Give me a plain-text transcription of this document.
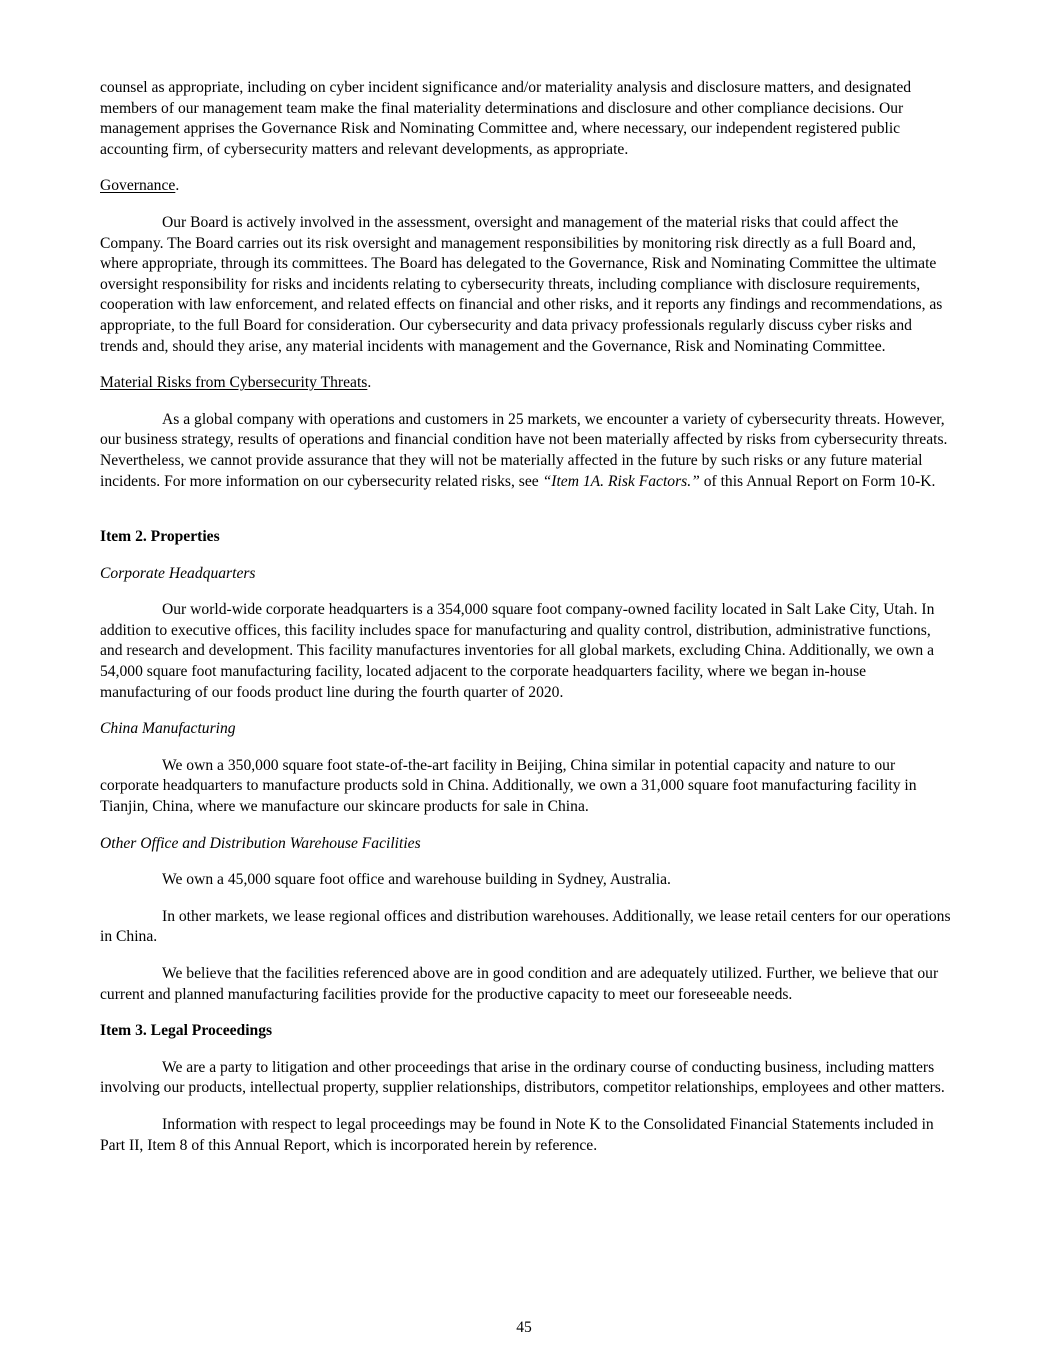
counsel as appropriate, including on cyber incident significance and/or materiality analysis and disclosure matters, and designated members of our management team make the final materiality determinations and disclosure and other compliance decisions. Our management apprises the Governance Risk and Nominating Committee and, where necessary, our independent registered public accounting firm, of cybersecurity matters and relevant developments, as appropriate.

Governance.

Our Board is actively involved in the assessment, oversight and management of the material risks that could affect the Company. The Board carries out its risk oversight and management responsibilities by monitoring risk directly as a full Board and, where appropriate, through its committees. The Board has delegated to the Governance, Risk and Nominating Committee the ultimate oversight responsibility for risks and incidents relating to cybersecurity threats, including compliance with disclosure requirements, cooperation with law enforcement, and related effects on financial and other risks, and it reports any findings and recommendations, as appropriate, to the full Board for consideration. Our cybersecurity and data privacy professionals regularly discuss cyber risks and trends and, should they arise, any material incidents with management and the Governance, Risk and Nominating Committee.

Material Risks from Cybersecurity Threats.

As a global company with operations and customers in 25 markets, we encounter a variety of cybersecurity threats. However, our business strategy, results of operations and financial condition have not been materially affected by risks from cybersecurity threats. Nevertheless, we cannot provide assurance that they will not be materially affected in the future by such risks or any future material incidents. For more information on our cybersecurity related risks, see “Item 1A. Risk Factors.” of this Annual Report on Form 10-K.

Item 2. Properties

Corporate Headquarters

Our world-wide corporate headquarters is a 354,000 square foot company-owned facility located in Salt Lake City, Utah. In addition to executive offices, this facility includes space for manufacturing and quality control, distribution, administrative functions, and research and development. This facility manufactures inventories for all global markets, excluding China. Additionally, we own a 54,000 square foot manufacturing facility, located adjacent to the corporate headquarters facility, where we began in-house manufacturing of our foods product line during the fourth quarter of 2020.

China Manufacturing

We own a 350,000 square foot state-of-the-art facility in Beijing, China similar in potential capacity and nature to our corporate headquarters to manufacture products sold in China. Additionally, we own a 31,000 square foot manufacturing facility in Tianjin, China, where we manufacture our skincare products for sale in China.

Other Office and Distribution Warehouse Facilities

We own a 45,000 square foot office and warehouse building in Sydney, Australia.

In other markets, we lease regional offices and distribution warehouses. Additionally, we lease retail centers for our operations in China.

We believe that the facilities referenced above are in good condition and are adequately utilized. Further, we believe that our current and planned manufacturing facilities provide for the productive capacity to meet our foreseeable needs.

Item 3. Legal Proceedings

We are a party to litigation and other proceedings that arise in the ordinary course of conducting business, including matters involving our products, intellectual property, supplier relationships, distributors, competitor relationships, employees and other matters.

Information with respect to legal proceedings may be found in Note K to the Consolidated Financial Statements included in Part II, Item 8 of this Annual Report, which is incorporated herein by reference.

45
